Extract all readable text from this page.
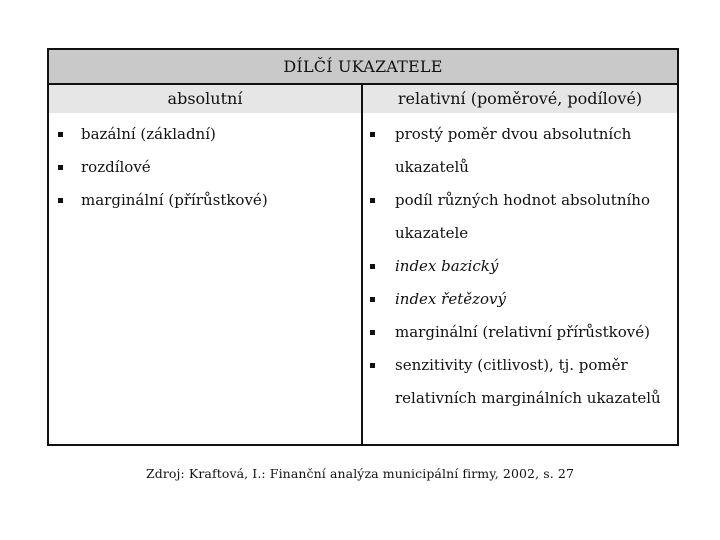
DÍLČÍ UKAZATELE
absolutní	relativní (poměrové, podílové)
bazální (základní)
rozdílové
marginální (přírůstkové)
prostý poměr dvou absolutních
ukazatelů
podíl různých hodnot absolutního
ukazatele
index bazický
index řetězový
marginální (relativní přírůstkové)
senzitivity (citlivost), tj. poměr
relativních marginálních ukazatelů
Zdroj: Kraftová, I.: Finanční analýza municipální firmy, 2002, s. 27
